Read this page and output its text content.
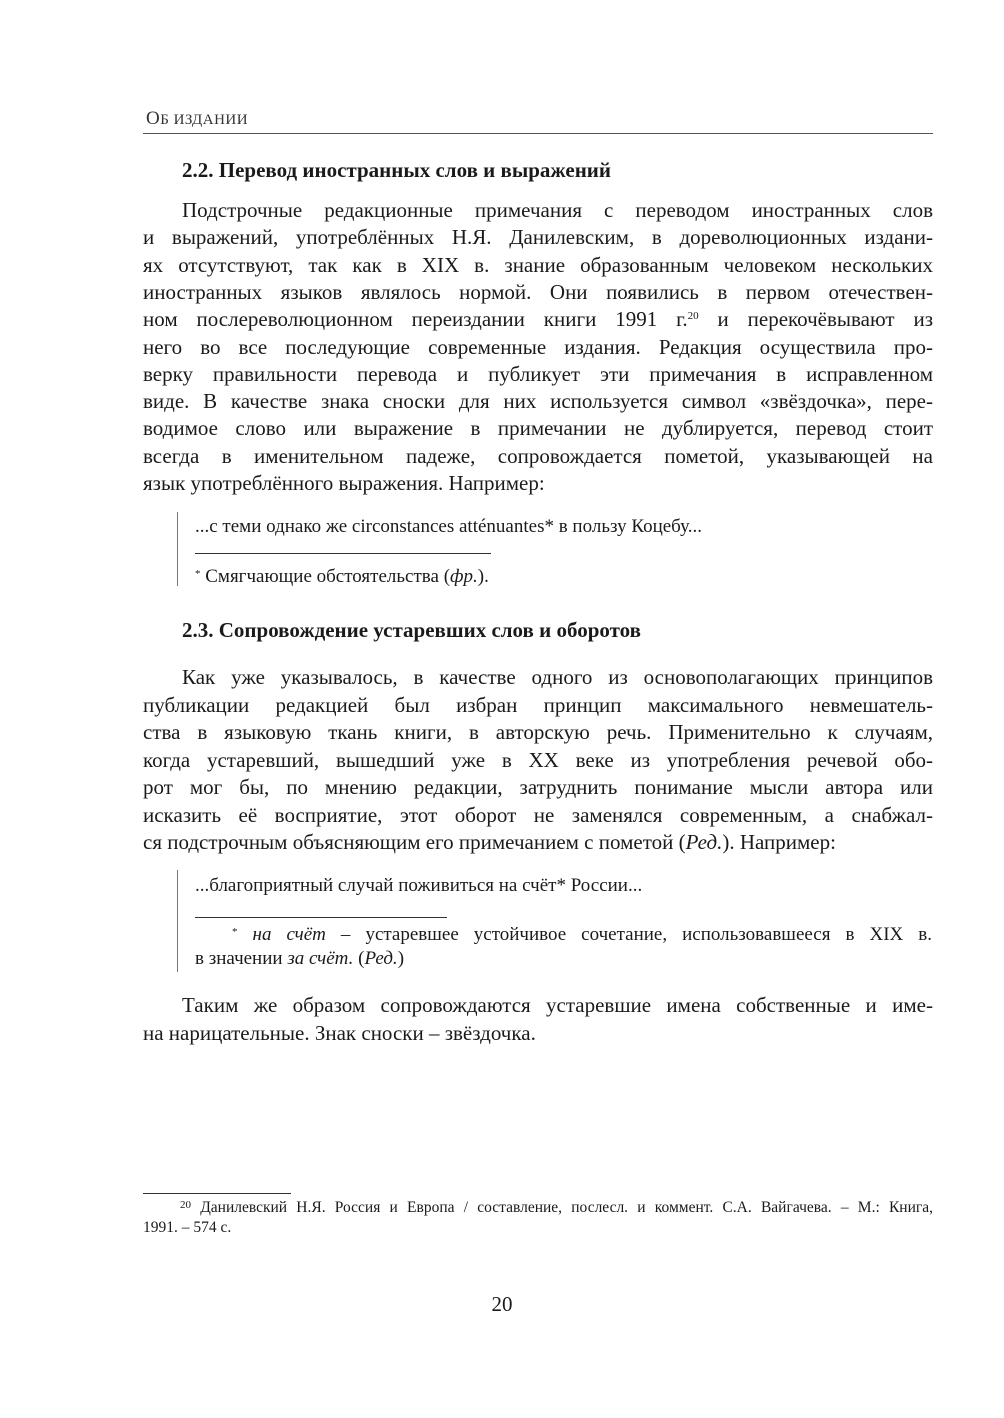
ОБ ИЗДАНИИ
2.2. Перевод иностранных слов и выражений
Подстрочные редакционные примечания с переводом иностранных слов
и выражений, употреблённых Н.Я. Данилевским, в дореволюционных издани-
ях отсутствуют, так как в XIX в. знание образованным человеком нескольких
иностранных языков являлось нормой. Они появились в первом отечествен-
ном послереволюционном переиздании книги 1991 г.$^{20}$ и перекочёвывают из
него во все последующие современные издания. Редакция осуществила про-
верку правильности перевода и публикует эти примечания в исправленном
виде. В качестве знака сноски для них используется символ «звёздочка», пере-
водимое слово или выражение в примечании не дублируется, перевод стоит
всегда в именительном падеже, сопровождается пометой, указывающей на
язык употреблённого выражения. Например:
...с теми однако же circonstances atténuantes* в пользу Коцебу...
* Смягчающие обстоятельства (фр.).
2.3. Сопровождение устаревших слов и оборотов
Как уже указывалось, в качестве одного из основополагающих принципов
публикации редакцией был избран принцип максимального невмешатель-
ства в языковую ткань книги, в авторскую речь. Применительно к случаям,
когда устаревший, вышедший уже в XX веке из употребления речевой обо-
рот мог бы, по мнению редакции, затруднить понимание мысли автора или
исказить её восприятие, этот оборот не заменялся современным, а снабжал-
ся подстрочным объясняющим его примечанием с пометой (Ред.). Например:
...благоприятный случай поживиться на счёт* России...
* на счёт – устаревшее устойчивое сочетание, использовавшееся в XIX в.
в значении за счёт. (Ред.)
Таким же образом сопровождаются устаревшие имена собственные и име-
на нарицательные. Знак сноски – звёздочка.
$^{20}$ Данилевский Н.Я. Россия и Европа / составление, послесл. и коммент. С.А. Вайгачева. – М.: Книга,
1991. – 574 с.
20
